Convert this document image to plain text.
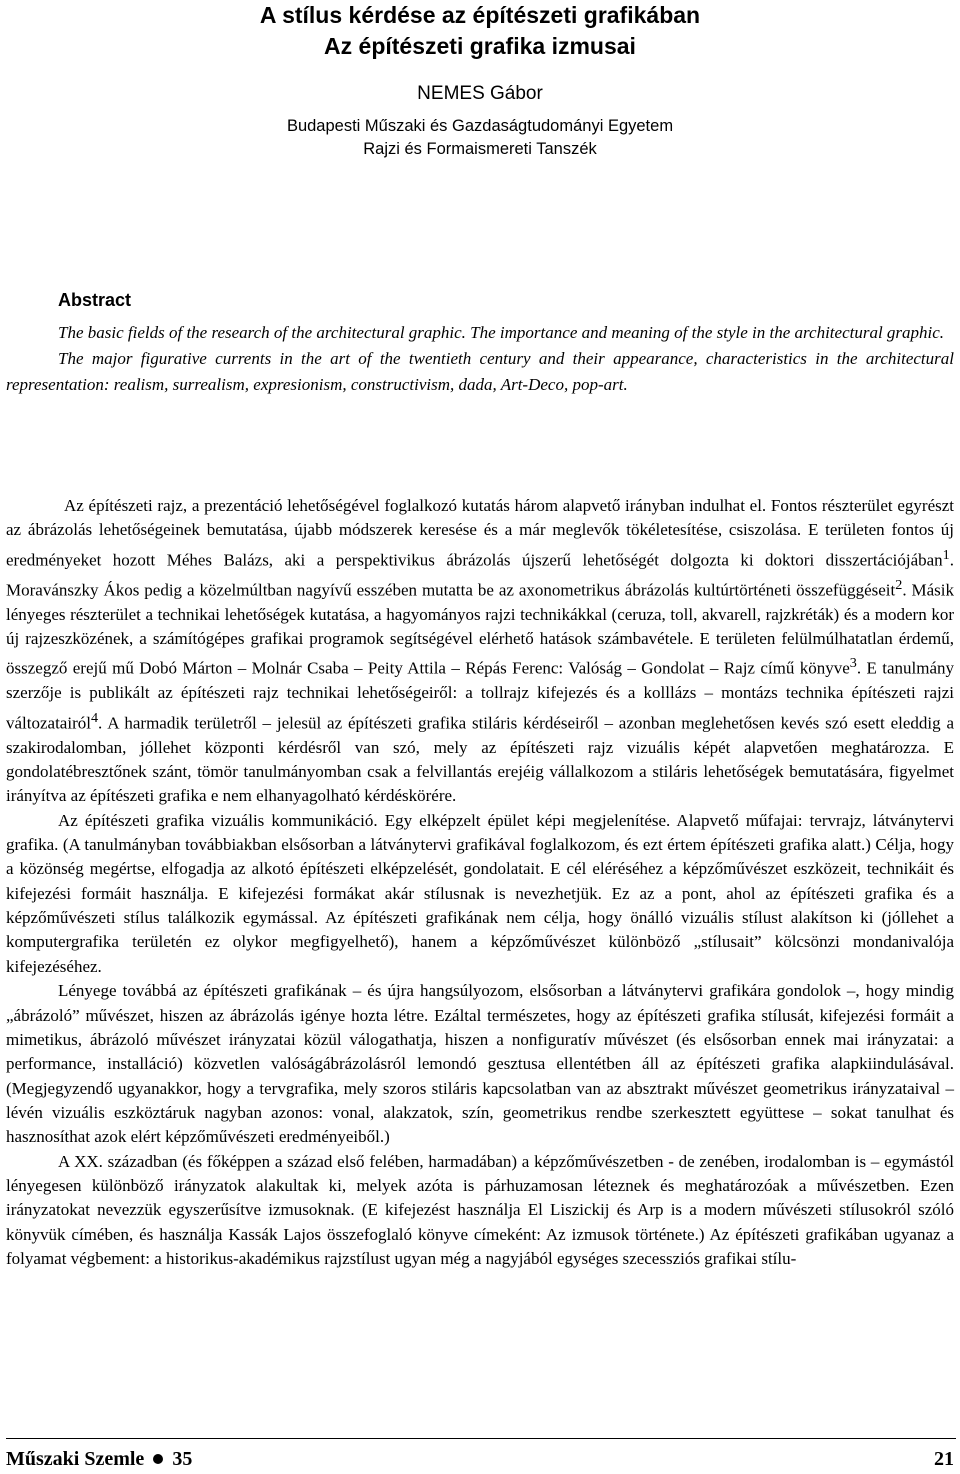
A stílus kérdése az építészeti grafikában
Az építészeti grafika izmusai
NEMES Gábor
Budapesti Műszaki és Gazdaságtudományi Egyetem
Rajzi és Formaismereti Tanszék
Abstract

The basic fields of the research of the architectural graphic. The importance and meaning of the style in the architectural graphic.

The major figurative currents in the art of the twentieth century and their appearance, characteristics in the architectural representation: realism, surrealism, expresionism, constructivism, dada, Art-Deco, pop-art.

Az építészeti rajz, a prezentáció lehetőségével foglalkozó kutatás három alapvető irányban indulhat el. Fontos részterület egyrészt az ábrázolás lehetőségeinek bemutatása, újabb módszerek keresése és a már meglevők tökéletesítése, csiszolása. E területen fontos új eredményeket hozott Méhes Balázs, aki a perspektivikus ábrázolás újszerű lehetőségét dolgozta ki doktori disszertációjában$^1$. Moravánszky Ákos pedig a közelmúltban nagyívű esszében mutatta be az axonometrikus ábrázolás kultúrtörténeti összefüggéseit$^2$. Másik lényeges részterület a technikai lehetőségek kutatása, a hagyományos rajzi technikákkal (ceruza, toll, akvarell, rajzkréták) és a modern kor új rajzeszközének, a számítógépes grafikai programok segítségével elérhető hatások számbavétele. E területen felülmúlhatatlan érdemű, összegző erejű mű Dobó Márton – Molnár Csaba – Peity Attila – Répás Ferenc: Valóság – Gondolat – Rajz című könyve$^3$. E tanulmány szerzője is publikált az építészeti rajz technikai lehetőségeiről: a tollrajz kifejezés és a kolllázs – montázs technika építészeti rajzi változatairól$^4$. A harmadik területről – jelesül az építészeti grafika stiláris kérdéseiről – azonban meglehetősen kevés szó esett eleddig a szakirodalomban, jóllehet központi kérdésről van szó, mely az építészeti rajz vizuális képét alapvetően meghatározza. E gondolatébresztőnek szánt, tömör tanulmányomban csak a felvillantás erejéig vállalkozom a stiláris lehetőségek bemutatására, figyelmet irányítva az építészeti grafika e nem elhanyagolható kérdéskörére.

Az építészeti grafika vizuális kommunikáció. Egy elképzelt épület képi megjelenítése. Alapvető műfajai: tervrajz, látványtervi grafika. (A tanulmányban továbbiakban elsősorban a látványtervi grafikával foglalkozom, és ezt értem építészeti grafika alatt.) Célja, hogy a közönség megértse, elfogadja az alkotó építészeti elképzelését, gondolatait. E cél eléréséhez a képzőművészet eszközeit, technikáit és kifejezési formáit használja. E kifejezési formákat akár stílusnak is nevezhetjük. Ez az a pont, ahol az építészeti grafika és a képzőművészeti stílus találkozik egymással. Az építészeti grafikának nem célja, hogy önálló vizuális stílust alakítson ki (jóllehet a komputergrafika területén ez olykor megfigyelhető), hanem a képzőművészet különböző „stílusait” kölcsönzi mondanivalója kifejezéséhez.

Lényege továbbá az építészeti grafikának – és újra hangsúlyozom, elsősorban a látványtervi grafikára gondolok –, hogy mindig „ábrázoló” művészet, hiszen az ábrázolás igénye hozta létre. Ezáltal természetes, hogy az építészeti grafika stílusát, kifejezési formáit a mimetikus, ábrázoló művészet irányzatai közül válogathatja, hiszen a nonfiguratív művészet (és elsősorban ennek mai irányzatai: a performance, installáció) közvetlen valóságábrázolásról lemondó gesztusa ellentétben áll az építészeti grafika alapkiindulásával. (Megjegyzendő ugyanakkor, hogy a tervgrafika, mely szoros stiláris kapcsolatban van az absztrakt művészet geometrikus irányzataival – lévén vizuális eszköztáruk nagyban azonos: vonal, alakzatok, szín, geometrikus rendbe szerkesztett együttese – sokat tanulhat és hasznosíthat azok elért képzőművészeti eredményeiből.)

A XX. században (és főképpen a század első felében, harmadában) a képzőművészetben - de zenében, irodalomban is – egymástól lényegesen különböző irányzatok alakultak ki, melyek azóta is párhuzamosan léteznek és meghatározóak a művészetben. Ezen irányzatokat nevezzük egyszerűsítve izmusoknak. (E kifejezést használja El Liszickij és Arp is a modern művészeti stílusokról szóló könyvük címében, és használja Kassák Lajos összefoglaló könyve címeként: Az izmusok története.) Az építészeti grafikában ugyanaz a folyamat végbement: a historikus-akadémikus rajzstílust ugyan még a nagyjából egységes szecessziós grafikai stílu-

Műszaki Szemle 35	21
